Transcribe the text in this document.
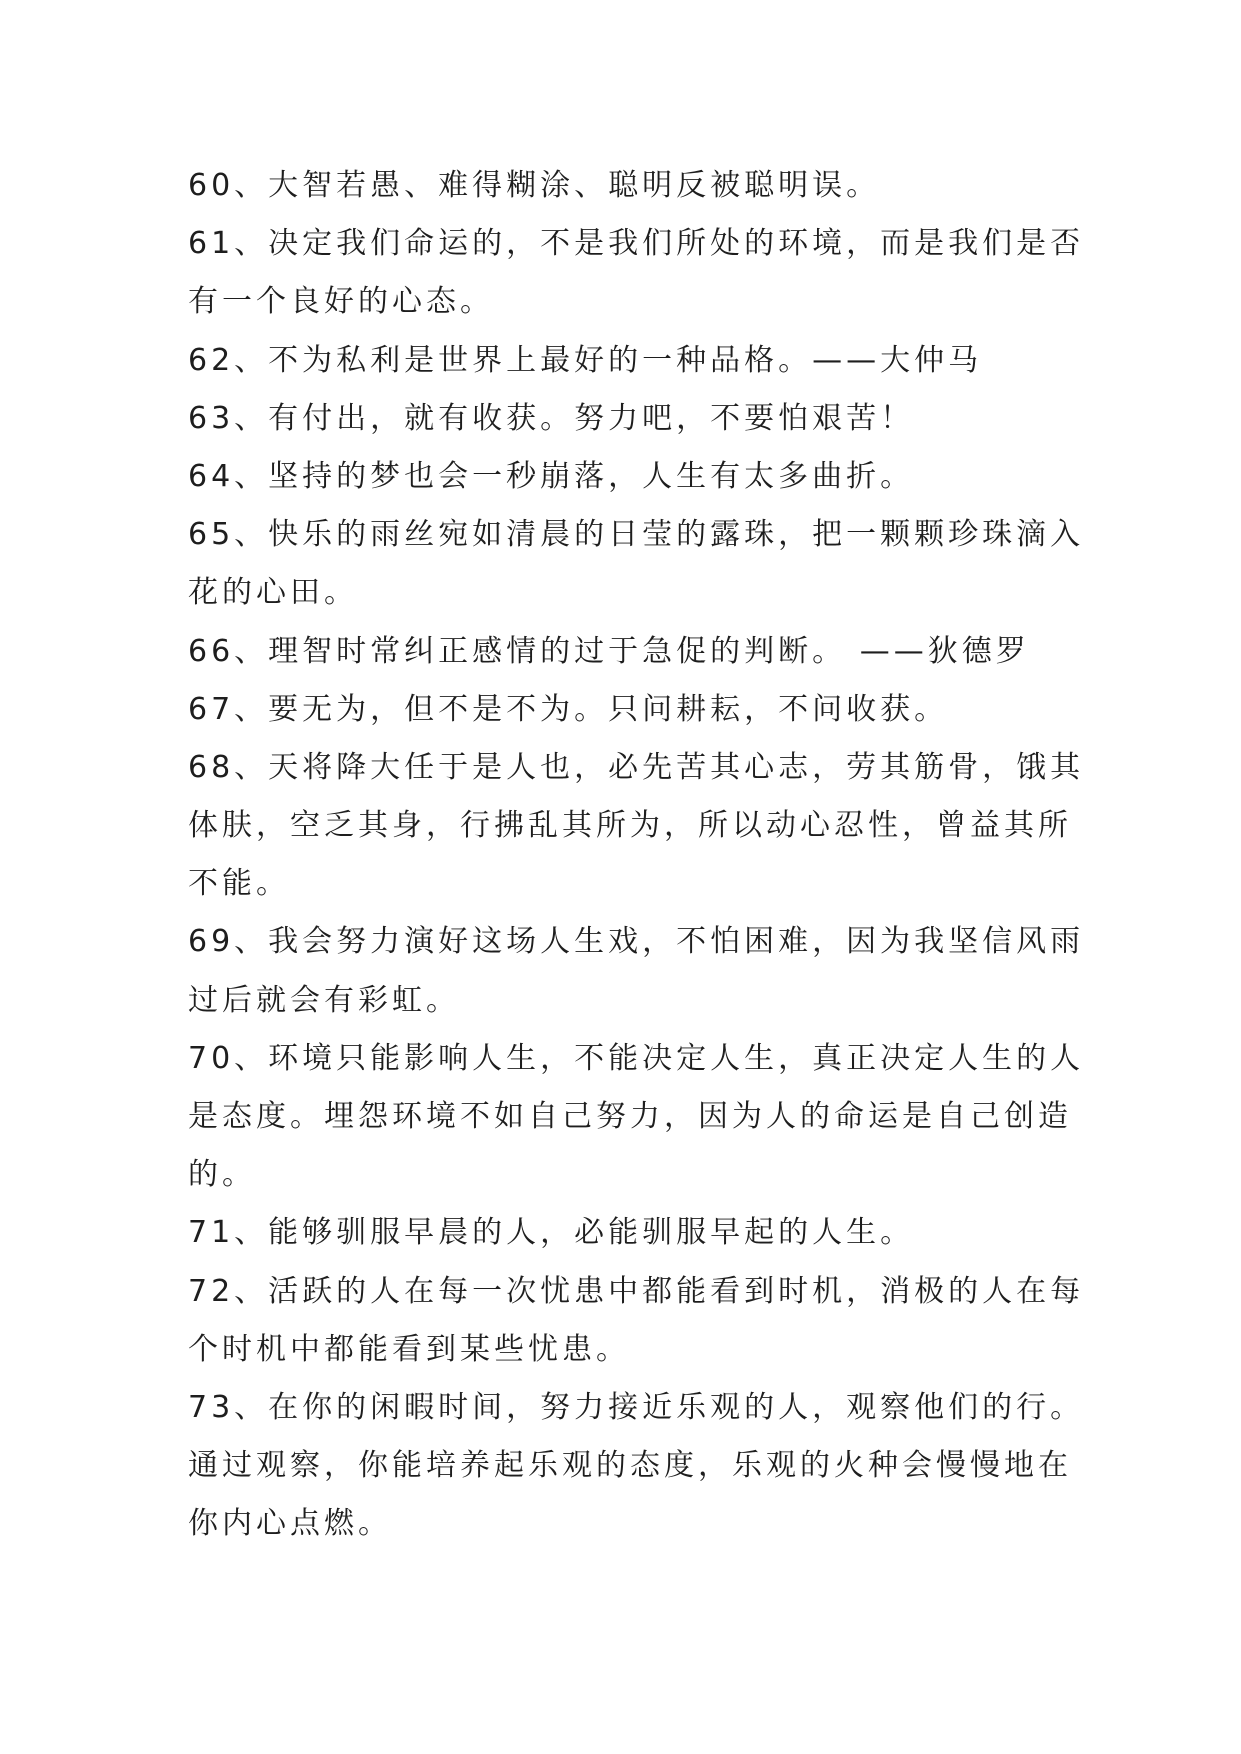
60、大智若愚、难得糊涂、聪明反被聪明误。
61、决定我们命运的，不是我们所处的环境，而是我们是否
有一个良好的心态。
62、不为私利是世界上最好的一种品格。——大仲马
63、有付出，就有收获。努力吧，不要怕艰苦！
64、坚持的梦也会一秒崩落，人生有太多曲折。
65、快乐的雨丝宛如清晨的日莹的露珠，把一颗颗珍珠滴入
花的心田。
66、理智时常纠正感情的过于急促的判断。 ——狄德罗
67、要无为，但不是不为。只问耕耘，不问收获。
68、天将降大任于是人也，必先苦其心志，劳其筋骨，饿其
体肤，空乏其身，行拂乱其所为，所以动心忍性，曾益其所
不能。
69、我会努力演好这场人生戏，不怕困难，因为我坚信风雨
过后就会有彩虹。
70、环境只能影响人生，不能决定人生，真正决定人生的人
是态度。埋怨环境不如自己努力，因为人的命运是自己创造
的。
71、能够驯服早晨的人，必能驯服早起的人生。
72、活跃的人在每一次忧患中都能看到时机，消极的人在每
个时机中都能看到某些忧患。
73、在你的闲暇时间，努力接近乐观的人，观察他们的行。
通过观察，你能培养起乐观的态度，乐观的火种会慢慢地在
你内心点燃。
